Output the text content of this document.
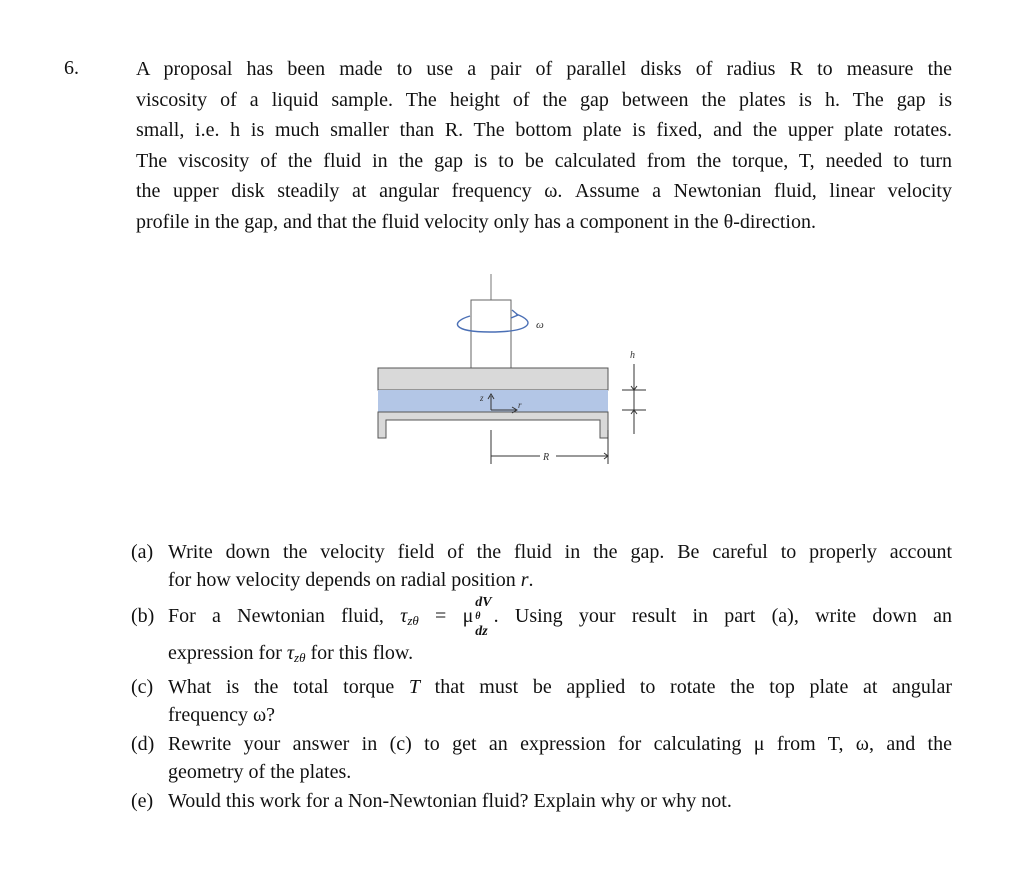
6.	A proposal has been made to use a pair of parallel disks of radius R to measure the
viscosity of a liquid sample. The height of the gap between the plates is h. The gap is
small, i.e. h is much smaller than R. The bottom plate is fixed, and the upper plate rotates.
The viscosity of the fluid in the gap is to be calculated from the torque, T, needed to turn
the upper disk steadily at angular frequency ω. Assume a Newtonian fluid, linear velocity
profile in the gap, and that the fluid velocity only has a component in the θ-direction.

ω
z
r
R
h
(a) Write down the velocity field of the fluid in the gap. Be careful to properly account
for how velocity depends on radial position r.
(b) For a Newtonian fluid, $\tau_{z\theta} = \mu$
dV
θ
dz
. Using your result in part (a), write down an
expression for $\tau_{z\theta}$ for this flow.
(c) What is the total torque T that must be applied to rotate the top plate at angular
frequency ω?
(d) Rewrite your answer in (c) to get an expression for calculating μ from T, ω, and the
geometry of the plates.
(e) Would this work for a Non-Newtonian fluid? Explain why or why not.
